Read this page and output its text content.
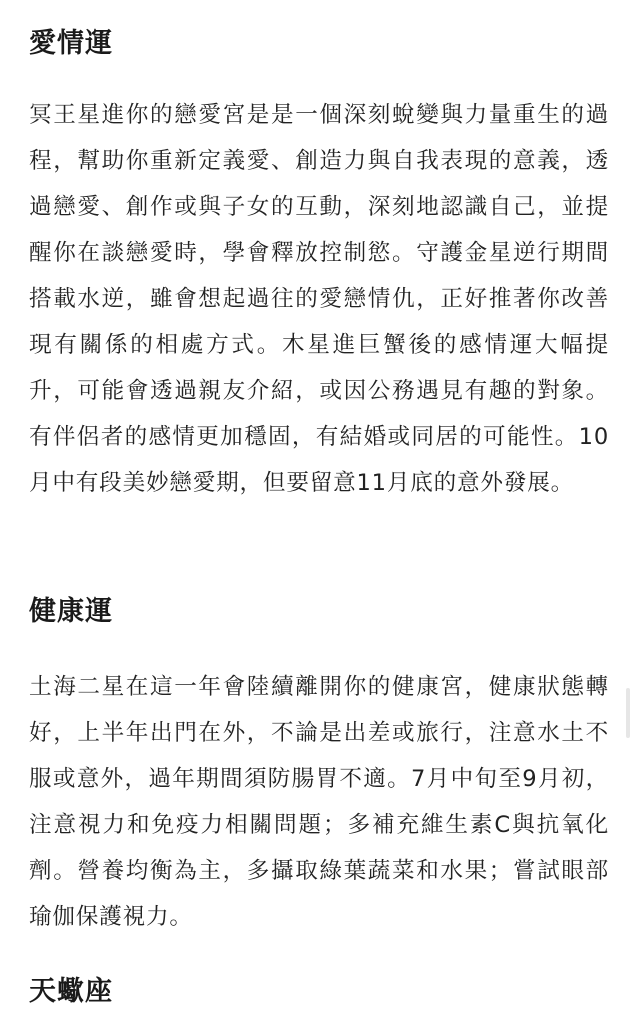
愛情運

冥王星進你的戀愛宮是是一個深刻蛻變與力量重生的過程，幫助你重新定義愛、創造力與自我表現的意義，透過戀愛、創作或與子女的互動，深刻地認識自己，並提醒你在談戀愛時，學會釋放控制慾。守護金星逆行期間搭載水逆，雖會想起過往的愛戀情仇，正好推著你改善現有關係的相處方式。木星進巨蟹後的感情運大幅提升，可能會透過親友介紹，或因公務遇見有趣的對象。有伴侶者的感情更加穩固，有結婚或同居的可能性。10月中有段美妙戀愛期，但要留意11月底的意外發展。

健康運

土海二星在這一年會陸續離開你的健康宮，健康狀態轉好，上半年出門在外，不論是出差或旅行，注意水土不服或意外，過年期間須防腸胃不適。7月中旬至9月初，注意視力和免疫力相關問題；多補充維生素C與抗氧化劑。營養均衡為主，多攝取綠葉蔬菜和水果；嘗試眼部瑜伽保護視力。

天蠍座
